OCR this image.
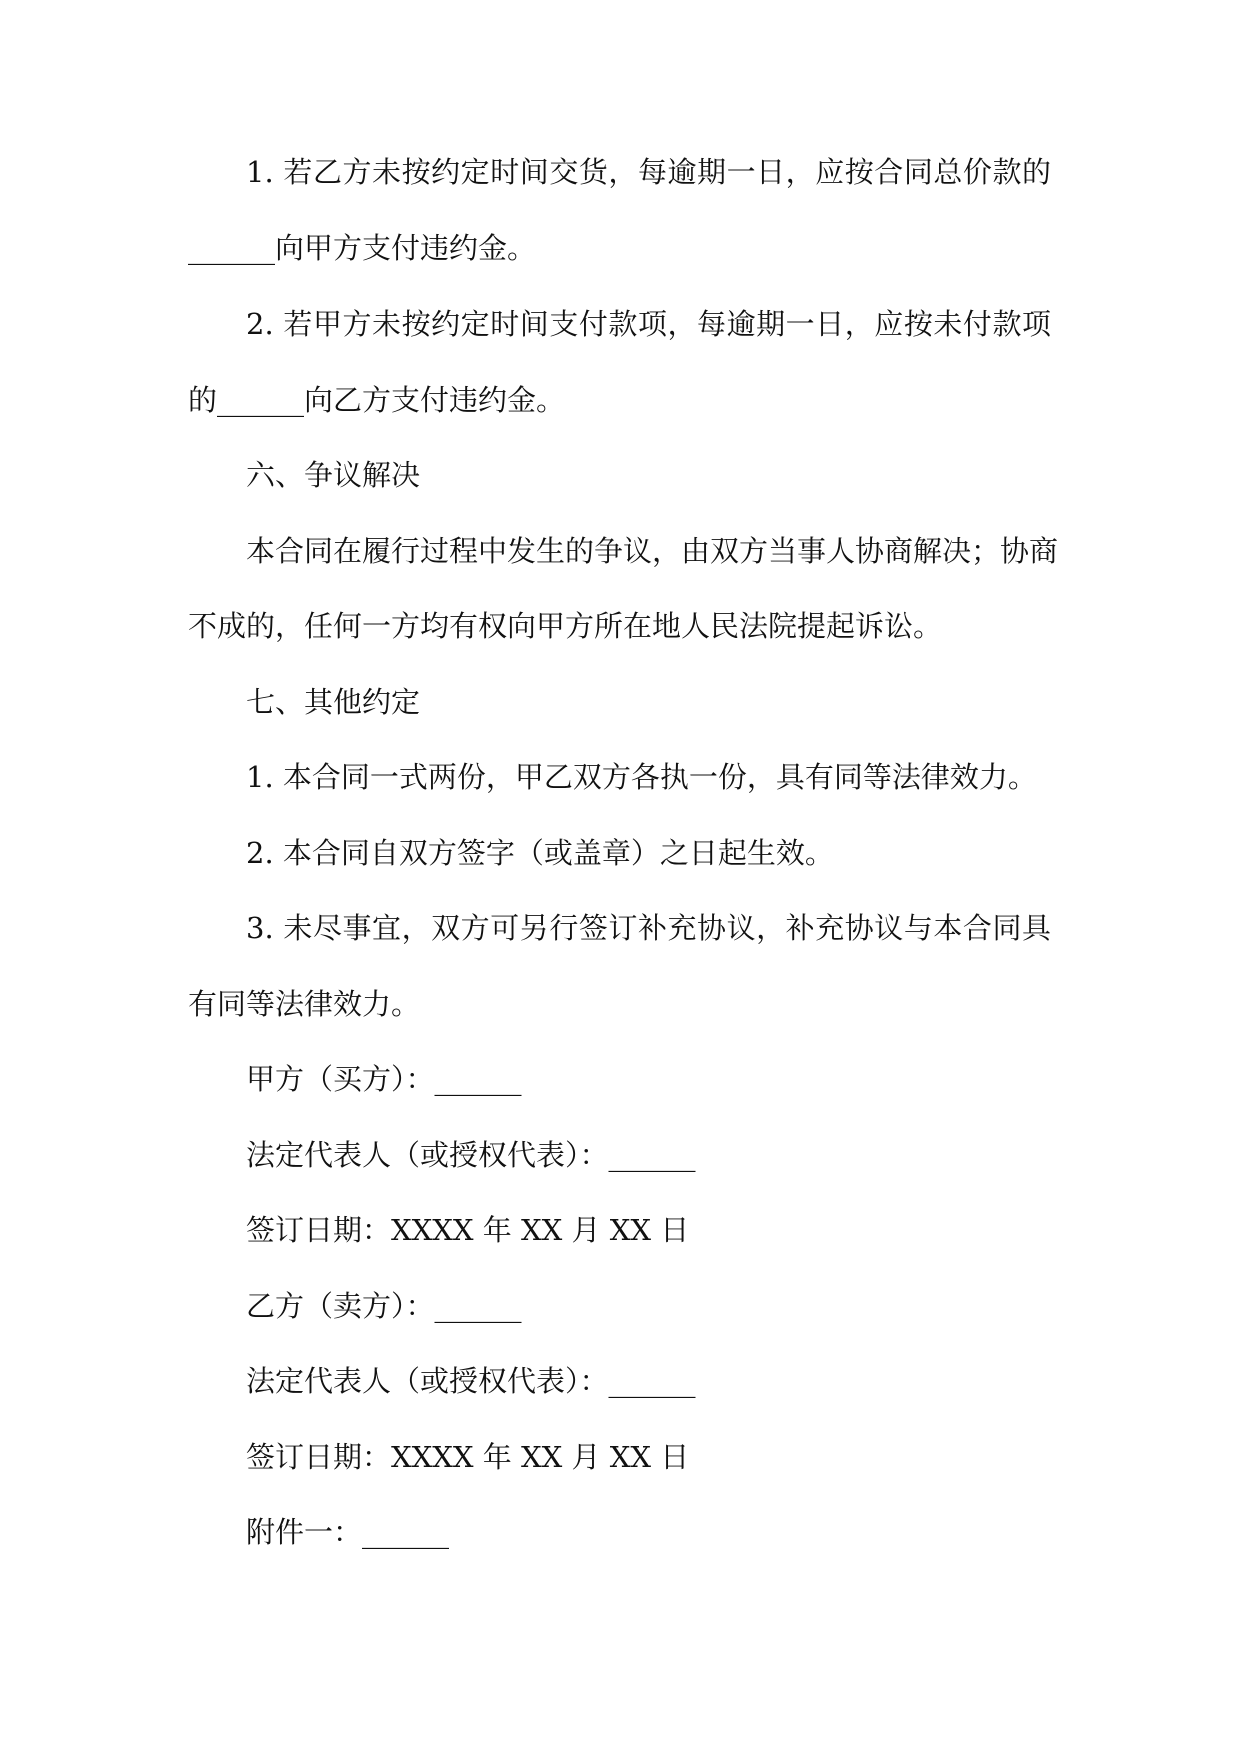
1. 若乙方未按约定时间交货，每逾期一日，应按合同总价款的
______向甲方支付违约金。
2. 若甲方未按约定时间支付款项，每逾期一日，应按未付款项
的______向乙方支付违约金。
六、争议解决
本合同在履行过程中发生的争议，由双方当事人协商解决；协商
不成的，任何一方均有权向甲方所在地人民法院提起诉讼。
七、其他约定
1. 本合同一式两份，甲乙双方各执一份，具有同等法律效力。
2. 本合同自双方签字（或盖章）之日起生效。
3. 未尽事宜，双方可另行签订补充协议，补充协议与本合同具
有同等法律效力。
甲方（买方）：______
法定代表人（或授权代表）：______
签订日期：XXXX 年 XX 月 XX 日
乙方（卖方）：______
法定代表人（或授权代表）：______
签订日期：XXXX 年 XX 月 XX 日
附件一：______
